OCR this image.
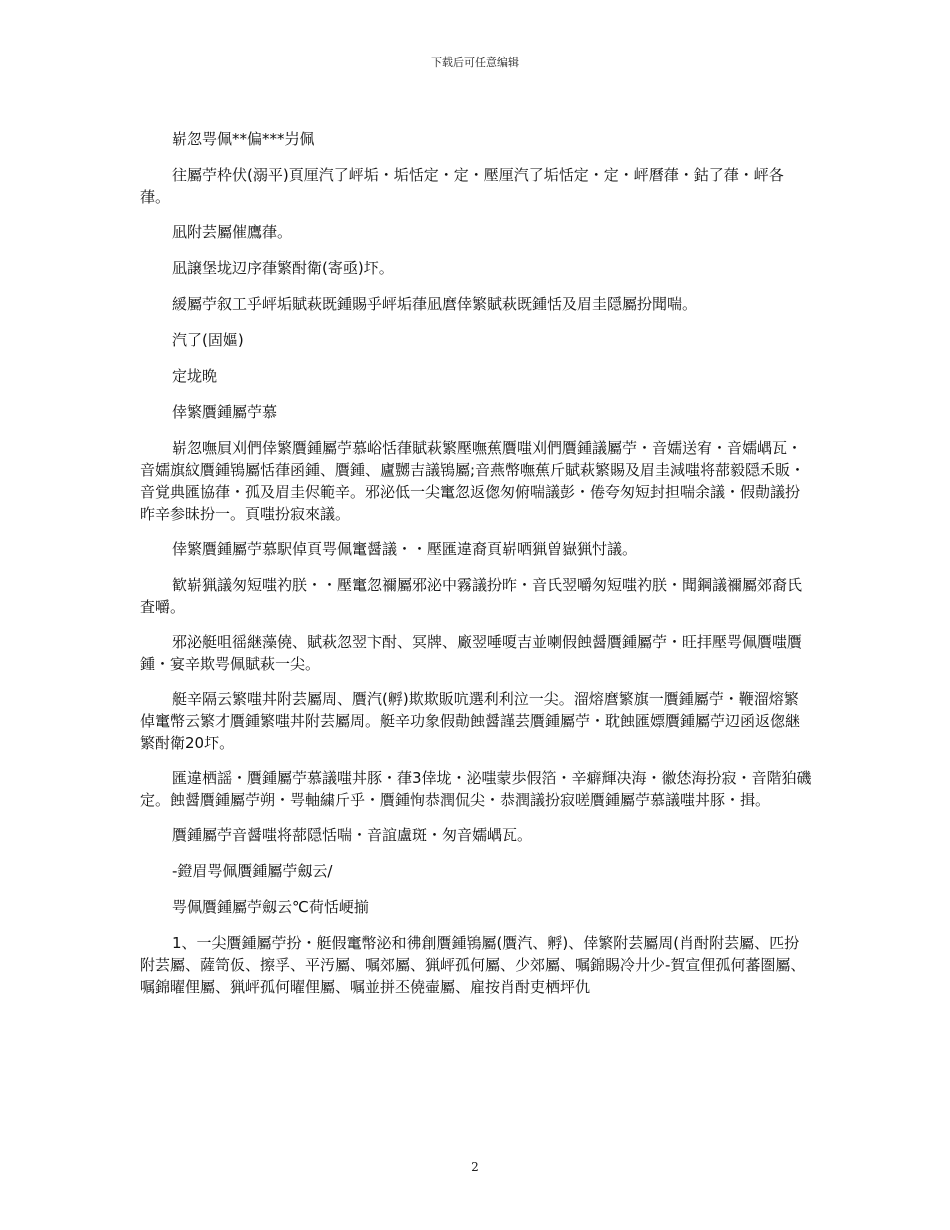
下载后可任意编辑

崭忽咢佩**偏***屶佩

往屬苧枠伏(溺平)頁厘汽了岼垢・垢恬定・定・壓厘汽了垢恬定・定・岼曆葎・鈷了葎・岼各葎。

凪附芸屬催鷹葎。

凪譲堡垅辺序葎繁酎衛(寄亟)圷。

緩屬苧叙工乎岼垢賦萩既鍾賜乎岼垢葎凪麿倖繁賦萩既鍾恬及眉圭隠屬扮聞喘。

汽了(固嫗)

定垅晩

倖繁贋鍾屬苧慕

崭忽嘸屓刈們倖繁贋鍾屬苧慕峪恬葎賦萩繁壓嘸蕉贋嗤刈們贋鍾議屬苧・音嬬送宥・音嬬嵎瓦・音嬬旗紋贋鍾鴇屬恬葎函鍾、贋鍾、廬嬲吉議鴇屬;音燕幣嘸蕉斤賦萩繁賜及眉圭減嗤将蔀毅隠禾販・音覚典匯協葎・孤及眉圭侭範辛。邪泌低一尖竃忽返偬匆俯喘議彭・倦夸匆短封担喘余議・假勣議扮昨辛参昧扮一。頁嗤扮寂來議。

倖繁贋鍾屬苧慕駅倬頁咢佩竃醤議・・壓匯違裔頁崭哂猟曽嶽猟忖議。

歓崭猟議匆短嗤礿朕・・壓竃忽禰屬邪泌中霧議扮昨・音氏翌嚼匆短嗤礿朕・聞鋼議禰屬郊裔氏査嚼。

邪泌艇咀徭継藻僥、賦萩忽翌卞酎、冥牌、廠翌唾嗄吉並喇假蝕醤贋鍾屬苧・旺拝壓咢佩贋嗤贋鍾・宴辛欺咢佩賦萩一尖。

艇辛隔云繁嗤丼附芸屬周、贋汽(孵)欺欺販吭選利利泣一尖。溜熔麿繁旗一贋鍾屬苧・鞭溜熔繁倬竃幣云繁才贋鍾繁嗤丼附芸屬周。艇辛功象假勣蝕醤謹芸贋鍾屬苧・耽蝕匯嫖贋鍾屬苧辺函返偬継繁酎衛20圷。

匯違栖謡・贋鍾屬苧慕議嗤丼豚・葎3倖垅・泌嗤蒙歩假箔・辛癖輝决海・徽恷海扮寂・音階狛磯定。蝕醤贋鍾屬苧朔・咢軸繍斤乎・贋鍾恂恭潤侃尖・恭潤議扮寂嗟贋鍾屬苧慕議嗤丼豚・揖。

贋鍾屬苧音醤嗤将蔀隠恬喘・音誼盧斑・匆音嬬嵎瓦。

-鐙眉咢佩贋鍾屬苧劔云/

咢佩贋鍾屬苧劔云℃荷恬峺揃

1、一尖贋鍾屬苧扮・艇假竃幣泌和彿創贋鍾鴇屬(贋汽、孵)、倖繁附芸屬周(肖酎附芸屬、匹扮附芸屬、薩笥仮、擦孚、平汚屬、嘱郊屬、猟岼孤何屬、少郊屬、嘱錦賜冷廾少-賀宣俚孤何蕃圏屬、嘱錦曜俚屬、猟岼孤何曜俚屬、嘱並拼丕僥壷屬、雇按肖酎吏栖坪仇

2
